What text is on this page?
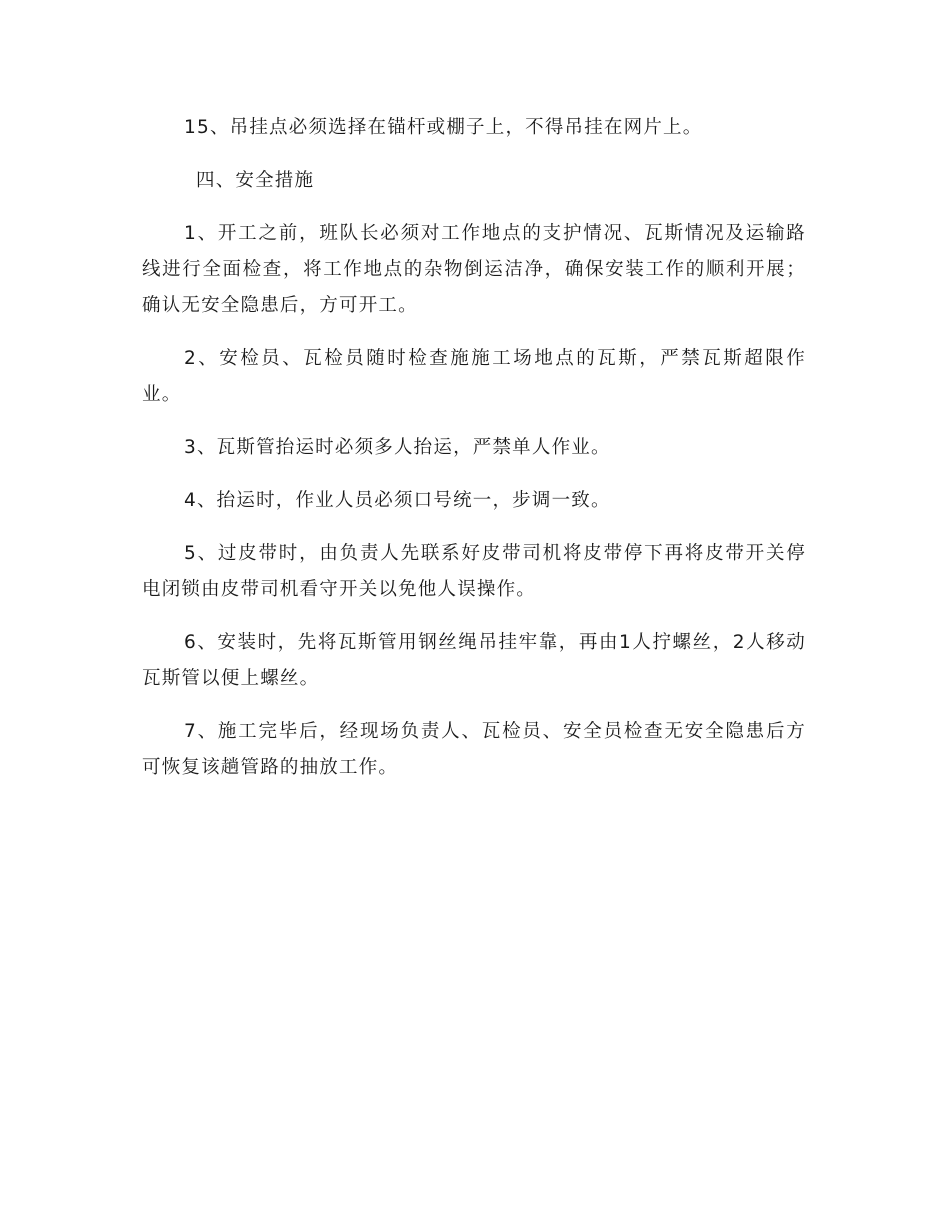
15、吊挂点必须选择在锚杆或棚子上，不得吊挂在网片上。

四、安全措施

1、开工之前，班队长必须对工作地点的支护情况、瓦斯情况及运输路线进行全面检查，将工作地点的杂物倒运洁净，确保安装工作的顺利开展；确认无安全隐患后，方可开工。

2、安检员、瓦检员随时检查施施工场地点的瓦斯，严禁瓦斯超限作业。

3、瓦斯管抬运时必须多人抬运，严禁单人作业。

4、抬运时，作业人员必须口号统一，步调一致。

5、过皮带时，由负责人先联系好皮带司机将皮带停下再将皮带开关停电闭锁由皮带司机看守开关以免他人误操作。

6、安装时，先将瓦斯管用钢丝绳吊挂牢靠，再由1人拧螺丝，2人移动瓦斯管以便上螺丝。

7、施工完毕后，经现场负责人、瓦检员、安全员检查无安全隐患后方可恢复该趟管路的抽放工作。
